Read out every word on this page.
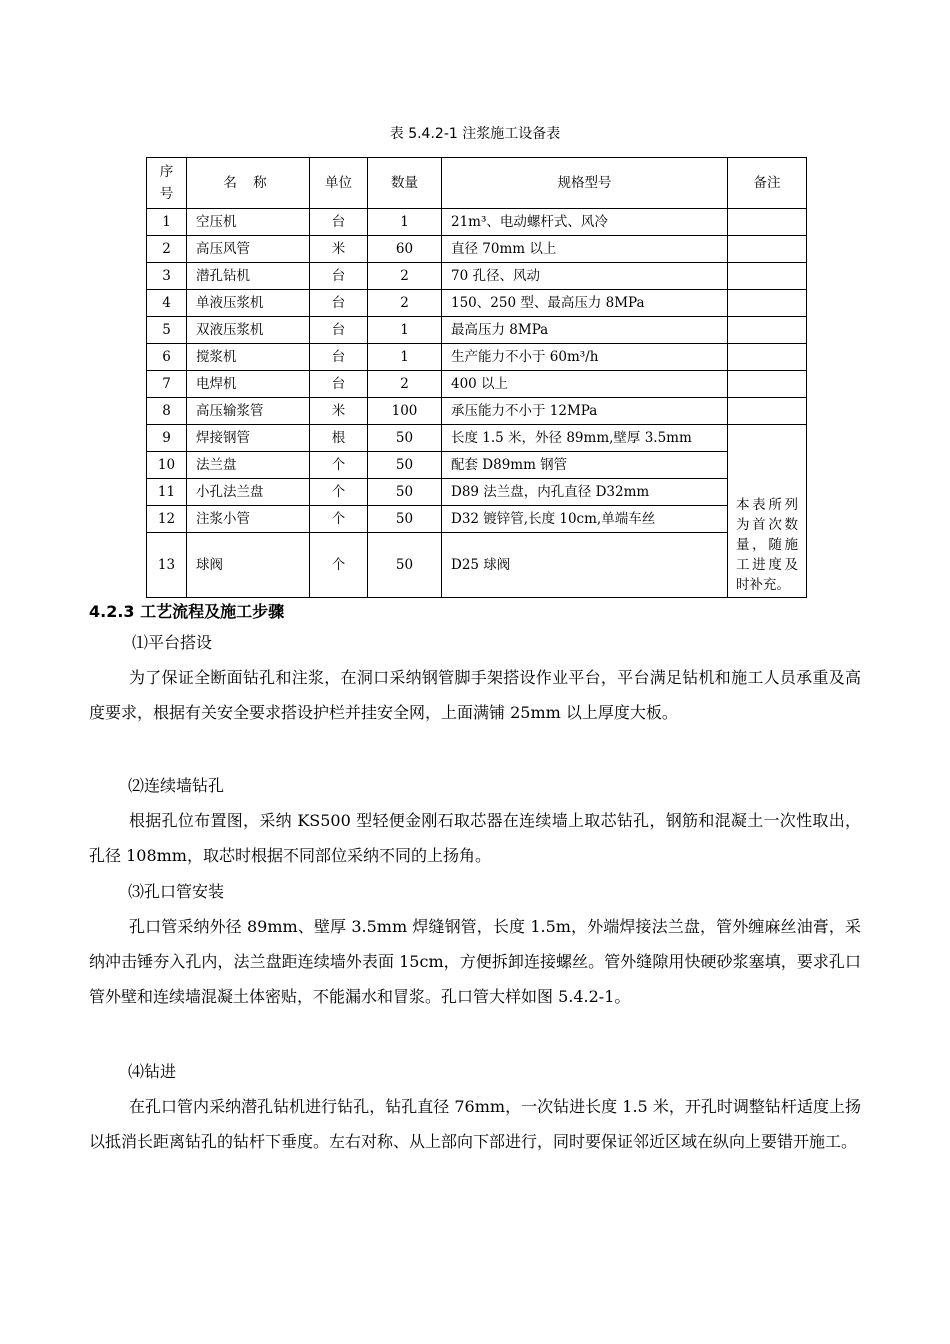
表 5.4.2-1 注浆施工设备表
序号	名 称	单位	数量	规格型号	备注
1	空压机	台	1	21m³、电动螺杆式、风冷	
2	高压风管	米	60	直径 70mm 以上	
3	潜孔钻机	台	2	70 孔径、风动	
4	单液压浆机	台	2	150、250 型、最高压力 8MPa	
5	双液压浆机	台	1	最高压力 8MPa	
6	搅浆机	台	1	生产能力不小于 60m³/h	
7	电焊机	台	2	400 以上	
8	高压输浆管	米	100	承压能力不小于 12MPa	
9	焊接钢管	根	50	长度 1.5 米，外径 89mm,壁厚 3.5mm	本表所列为首次数量，随施工进度及时补充。

10	法兰盘	个	50	配套 D89mm 钢管	
11	小孔法兰盘	个	50	D89 法兰盘，内孔直径 D32mm	
12	注浆小管	个	50	D32 镀锌管,长度 10cm,单端车丝	
13	球阀	个	50	D25 球阀	
4.2.3 工艺流程及施工步骤
⑴平台搭设

为了保证全断面钻孔和注浆，在洞口采纳钢管脚手架搭设作业平台，平台满足钻机和施工人员承重及高度要求，根据有关安全要求搭设护栏并挂安全网，上面满铺 25mm 以上厚度大板。

⑵连续墙钻孔

根据孔位布置图，采纳 KS500 型轻便金刚石取芯器在连续墙上取芯钻孔，钢筋和混凝土一次性取出，孔径 108mm，取芯时根据不同部位采纳不同的上扬角。

⑶孔口管安装

孔口管采纳外径 89mm、壁厚 3.5mm 焊缝钢管，长度 1.5m，外端焊接法兰盘，管外缠麻丝油膏，采纳冲击锤夯入孔内，法兰盘距连续墙外表面 15cm，方便拆卸连接螺丝。管外缝隙用快硬砂浆塞填，要求孔口管外壁和连续墙混凝土体密贴，不能漏水和冒浆。孔口管大样如图 5.4.2-1。

⑷钻进

在孔口管内采纳潜孔钻机进行钻孔，钻孔直径 76mm，一次钻进长度 1.5 米，开孔时调整钻杆适度上扬以抵消长距离钻孔的钻杆下垂度。左右对称、从上部向下部进行，同时要保证邻近区域在纵向上要错开施工。
